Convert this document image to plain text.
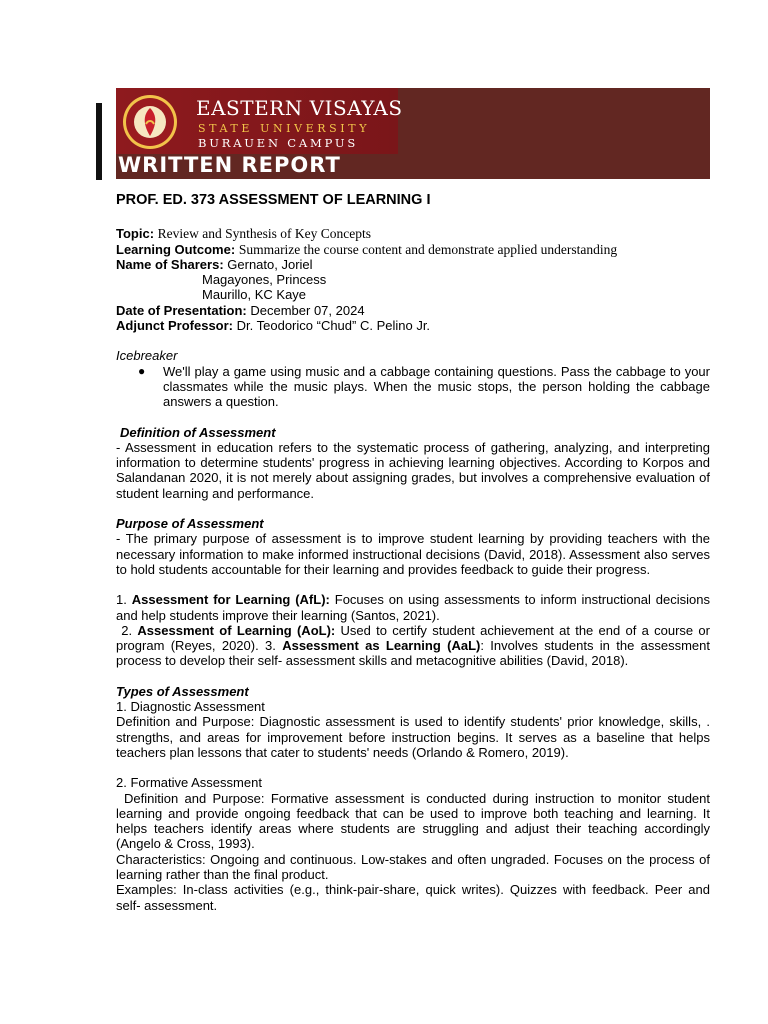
EASTERN VISAYAS
STATE UNIVERSITY
BURAUEN CAMPUS
WRITTEN REPORT
PROF. ED. 373 ASSESSMENT OF LEARNING I
Topic: Review and Synthesis of Key Concepts
Learning Outcome: Summarize the course content and demonstrate applied understanding
Name of Sharers: Gernato, Joriel
Magayones, Princess
Maurillo, KC Kaye
Date of Presentation: December 07, 2024
Adjunct Professor: Dr. Teodorico “Chud” C. Pelino Jr.
Icebreaker
●	We'll play a game using music and a cabbage containing questions. Pass the cabbage to your classmates while the music plays. When the music stops, the person holding the cabbage answers a question.
Definition of Assessment
- Assessment in education refers to the systematic process of gathering, analyzing, and interpreting information to determine students' progress in achieving learning objectives. According to Korpos and Salandanan 2020, it is not merely about assigning grades, but involves a comprehensive evaluation of student learning and performance.
Purpose of Assessment
- The primary purpose of assessment is to improve student learning by providing teachers with the necessary information to make informed instructional decisions (David, 2018). Assessment also serves to hold students accountable for their learning and provides feedback to guide their progress.
1. Assessment for Learning (AfL): Focuses on using assessments to inform instructional decisions and help students improve their learning (Santos, 2021).
2. Assessment of Learning (AoL): Used to certify student achievement at the end of a course or program (Reyes, 2020). 3. Assessment as Learning (AaL): Involves students in the assessment process to develop their self- assessment skills and metacognitive abilities (David, 2018).
Types of Assessment
1. Diagnostic Assessment
Definition and Purpose: Diagnostic assessment is used to identify students' prior knowledge, skills, . strengths, and areas for improvement before instruction begins. It serves as a baseline that helps teachers plan lessons that cater to students' needs (Orlando & Romero, 2019).
2. Formative Assessment
Definition and Purpose: Formative assessment is conducted during instruction to monitor student learning and provide ongoing feedback that can be used to improve both teaching and learning. It helps teachers identify areas where students are struggling and adjust their teaching accordingly (Angelo & Cross, 1993).
Characteristics: Ongoing and continuous. Low-stakes and often ungraded. Focuses on the process of learning rather than the final product.
Examples: In-class activities (e.g., think-pair-share, quick writes). Quizzes with feedback. Peer and self- assessment.
